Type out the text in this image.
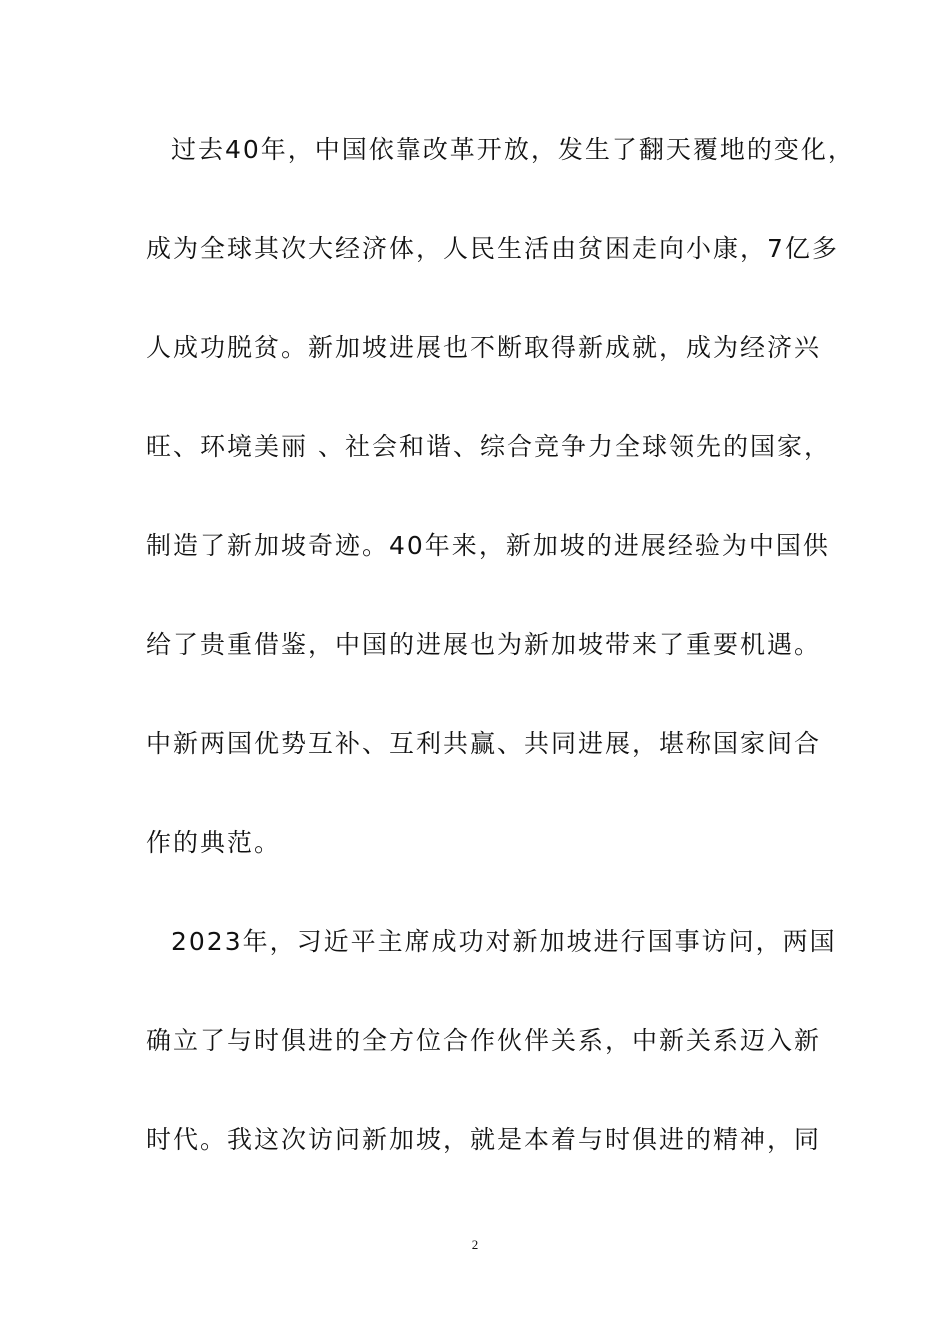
过去40年，中国依靠改革开放，发生了翻天覆地的变化，
成为全球其次大经济体，人民生活由贫困走向小康，7亿多
人成功脱贫。新加坡进展也不断取得新成就，成为经济兴
旺、环境美丽 、社会和谐、综合竞争力全球领先的国家，
制造了新加坡奇迹。40年来，新加坡的进展经验为中国供
给了贵重借鉴，中国的进展也为新加坡带来了重要机遇。
中新两国优势互补、互利共赢、共同进展，堪称国家间合
作的典范。
2023年，习近平主席成功对新加坡进行国事访问，两国
确立了与时俱进的全方位合作伙伴关系，中新关系迈入新
时代。我这次访问新加坡，就是本着与时俱进的精神，同
2
